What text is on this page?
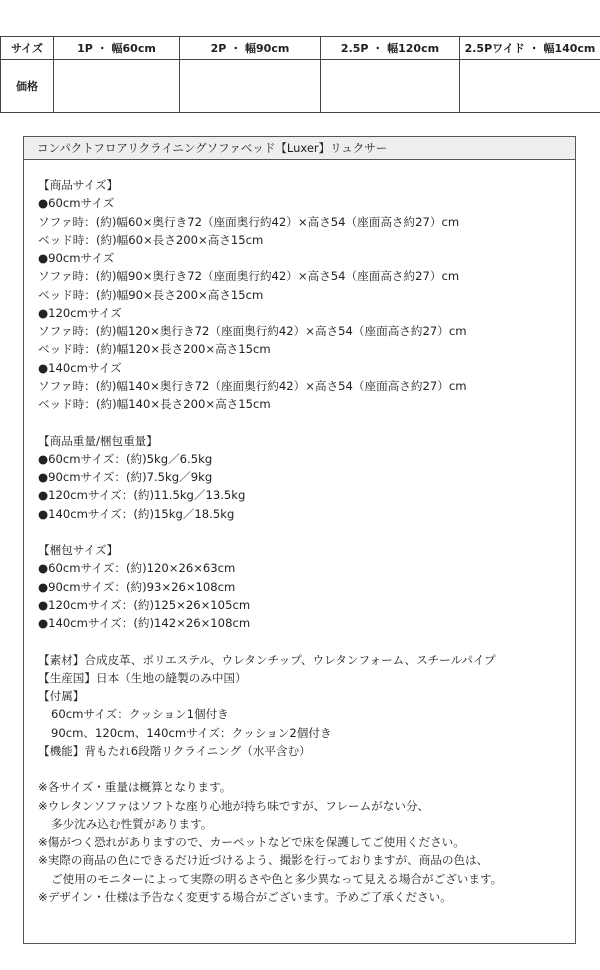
サイズ	1P ・ 幅60cm	2P ・ 幅90cm	2.5P ・ 幅120cm	2.5Pワイド ・ 幅140cm
価格				
コンパクトフロアリクライニングソファベッド【Luxer】リュクサー
【商品サイズ】
●60cmサイズ
ソファ時：(約)幅60×奥行き72（座面奥行約42）×高さ54（座面高さ約27）cm
ベッド時：(約)幅60×長さ200×高さ15cm
●90cmサイズ
ソファ時：(約)幅90×奥行き72（座面奥行約42）×高さ54（座面高さ約27）cm
ベッド時：(約)幅90×長さ200×高さ15cm
●120cmサイズ
ソファ時：(約)幅120×奥行き72（座面奥行約42）×高さ54（座面高さ約27）cm
ベッド時：(約)幅120×長さ200×高さ15cm
●140cmサイズ
ソファ時：(約)幅140×奥行き72（座面奥行約42）×高さ54（座面高さ約27）cm
ベッド時：(約)幅140×長さ200×高さ15cm
【商品重量/梱包重量】
●60cmサイズ：(約)5kg／6.5kg
●90cmサイズ：(約)7.5kg／9kg
●120cmサイズ：(約)11.5kg／13.5kg
●140cmサイズ：(約)15kg／18.5kg
【梱包サイズ】
●60cmサイズ：(約)120×26×63cm
●90cmサイズ：(約)93×26×108cm
●120cmサイズ：(約)125×26×105cm
●140cmサイズ：(約)142×26×108cm
【素材】合成皮革、ポリエステル、ウレタンチップ、ウレタンフォーム、スチールパイプ
【生産国】日本（生地の縫製のみ中国）
【付属】
60cmサイズ：クッション1個付き
90cm、120cm、140cmサイズ：クッション2個付き
【機能】背もたれ6段階リクライニング（水平含む）
※各サイズ・重量は概算となります。
※ウレタンソファはソフトな座り心地が持ち味ですが、フレームがない分、
多少沈み込む性質があります。
※傷がつく恐れがありますので、カーペットなどで床を保護してご使用ください。
※実際の商品の色にできるだけ近づけるよう、撮影を行っておりますが、商品の色は、
ご使用のモニターによって実際の明るさや色と多少異なって見える場合がございます。
※デザイン・仕様は予告なく変更する場合がございます。予めご了承ください。
